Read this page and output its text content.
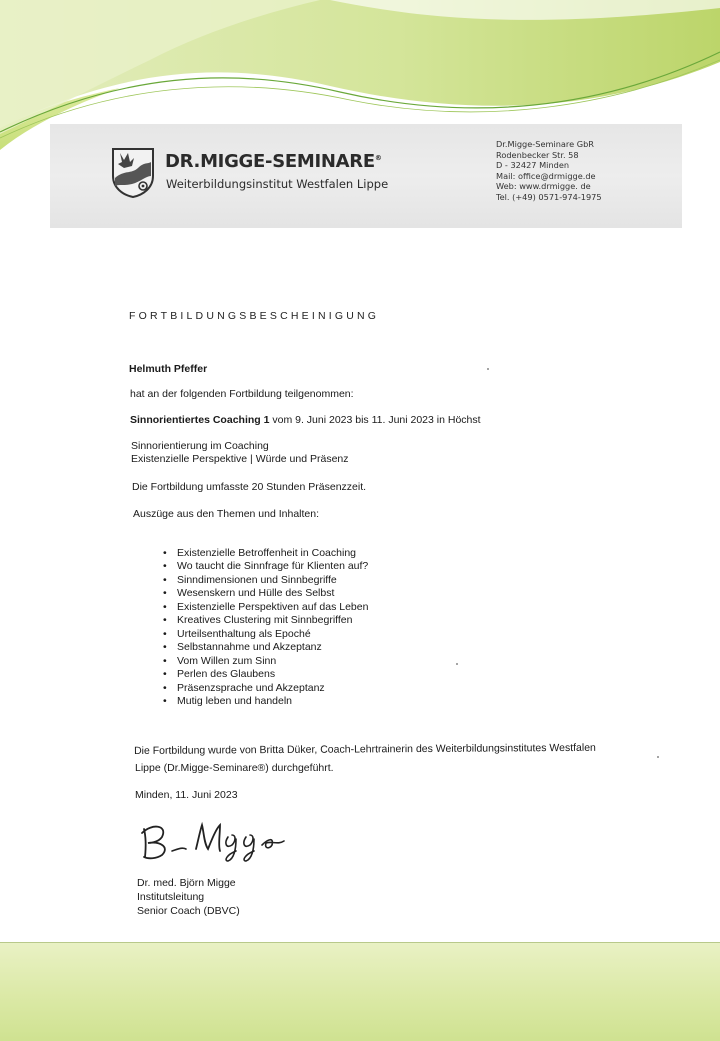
DR.MIGGE-SEMINARE®
Weiterbildungsinstitut Westfalen Lippe
Dr.Migge-Seminare GbR
Rodenbecker Str. 58
D - 32427 Minden
Mail: office@drmigge.de
Web: www.drmigge. de
Tel. (+49) 0571-974-1975
FORTBILDUNGSBESCHEINIGUNG
Helmuth Pfeffer
hat an der folgenden Fortbildung teilgenommen:
Sinnorientiertes Coaching 1 vom 9. Juni 2023 bis 11. Juni 2023 in Höchst
Sinnorientierung im Coaching
Existenzielle Perspektive | Würde und Präsenz
Die Fortbildung umfasste 20 Stunden Präsenzzeit.
Auszüge aus den Themen und Inhalten:
• Existenzielle Betroffenheit in Coaching
• Wo taucht die Sinnfrage für Klienten auf?
• Sinndimensionen und Sinnbegriffe
• Wesenskern und Hülle des Selbst
• Existenzielle Perspektiven auf das Leben
• Kreatives Clustering mit Sinnbegriffen
• Urteilsenthaltung als Epoché
• Selbstannahme und Akzeptanz
• Vom Willen zum Sinn
• Perlen des Glaubens
• Präsenzsprache und Akzeptanz
• Mutig leben und handeln
Die Fortbildung wurde von Britta Düker, Coach-Lehrtrainerin des Weiterbildungsinstitutes Westfalen
Lippe (Dr.Migge-Seminare®) durchgeführt.
Minden, 11. Juni 2023
Dr. med. Björn Migge
Institutsleitung
Senior Coach (DBVC)
